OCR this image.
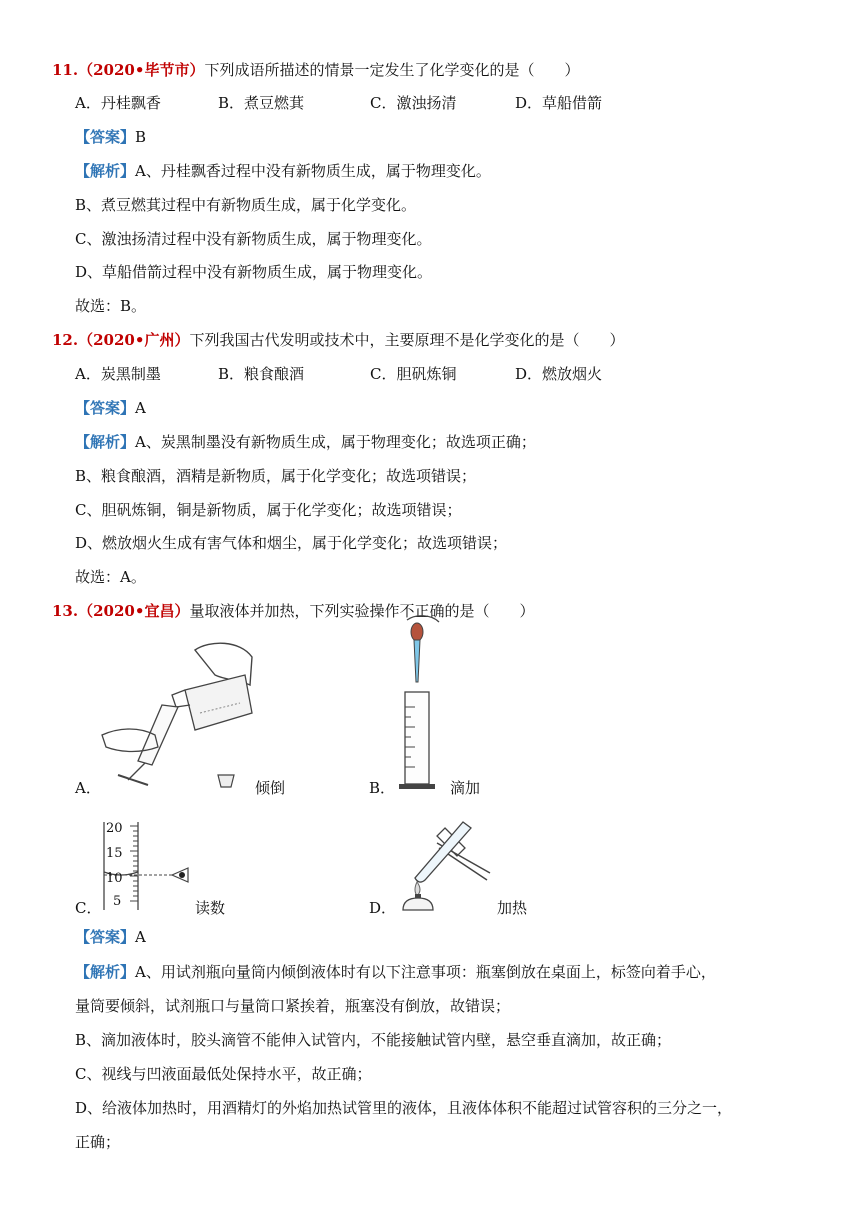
11.（2020•毕节市）下列成语所描述的情景一定发生了化学变化的是（　　）
A．丹桂飘香	B．煮豆燃萁	C．激浊扬清	D．草船借箭
【答案】B
【解析】A、丹桂飘香过程中没有新物质生成，属于物理变化。
B、煮豆燃萁过程中有新物质生成，属于化学变化。
C、激浊扬清过程中没有新物质生成，属于物理变化。
D、草船借箭过程中没有新物质生成，属于物理变化。
故选：B。
12.（2020•广州）下列我国古代发明或技术中，主要原理不是化学变化的是（　　）
A．炭黑制墨	B．粮食酿酒	C．胆矾炼铜	D．燃放烟火
【答案】A
【解析】A、炭黑制墨没有新物质生成，属于物理变化；故选项正确；
B、粮食酿酒，酒精是新物质，属于化学变化；故选项错误；
C、胆矾炼铜，铜是新物质，属于化学变化；故选项错误；
D、燃放烟火生成有害气体和烟尘，属于化学变化；故选项错误；
故选：A。
13.（2020•宜昌）量取液体并加热，下列实验操作不正确的是（　　）
A．	倾倒	B．	滴加
20
15
10
5
C．	读数	D．	加热
【答案】A
【解析】A、用试剂瓶向量筒内倾倒液体时有以下注意事项：瓶塞倒放在桌面上，标签向着手心，
量筒要倾斜，试剂瓶口与量筒口紧挨着，瓶塞没有倒放，故错误；
B、滴加液体时，胶头滴管不能伸入试管内，不能接触试管内壁，悬空垂直滴加，故正确；
C、视线与凹液面最低处保持水平，故正确；
D、给液体加热时，用酒精灯的外焰加热试管里的液体，且液体体积不能超过试管容积的三分之一，
正确；
